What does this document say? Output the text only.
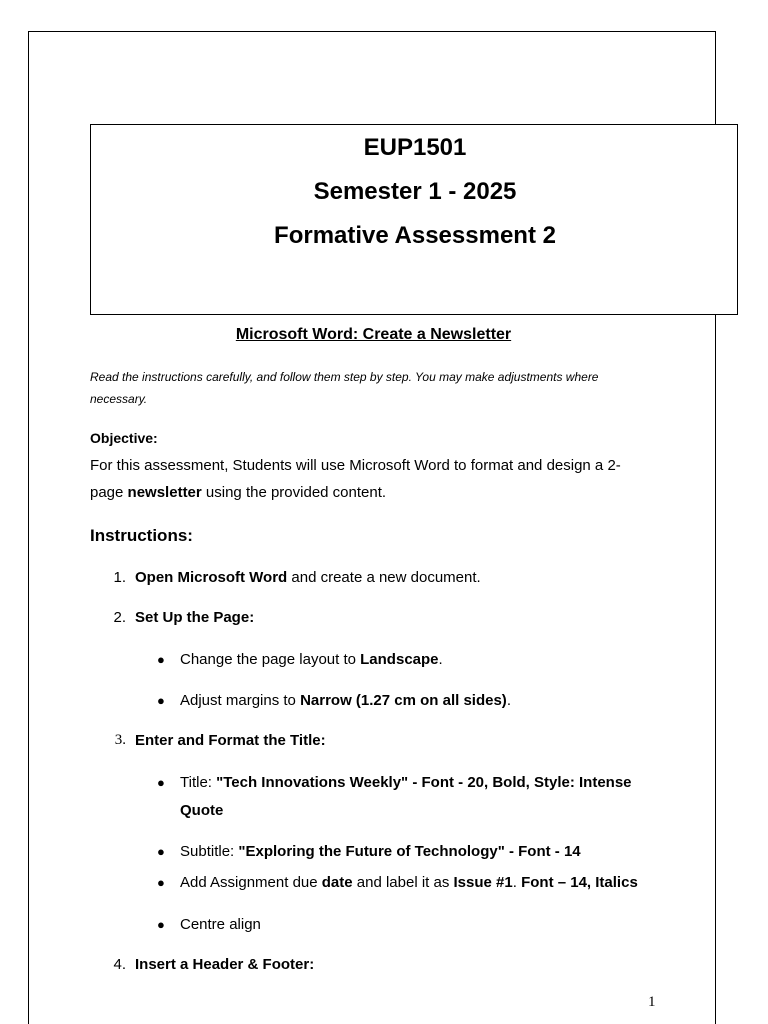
EUP1501
Semester 1 - 2025
Formative Assessment 2
Microsoft Word: Create a Newsletter
Read the instructions carefully, and follow them step by step. You may make adjustments where
necessary.
Objective:
For this assessment, Students will use Microsoft Word to format and design a 2-
page newsletter using the provided content.
Instructions:
1. Open Microsoft Word and create a new document.
2. Set Up the Page:
● Change the page layout to Landscape.
● Adjust margins to Narrow (1.27 cm on all sides).
3. Enter and Format the Title:
● Title: "Tech Innovations Weekly" - Font - 20, Bold, Style: Intense
Quote
● Subtitle: "Exploring the Future of Technology" - Font - 14
● Add Assignment due date and label it as Issue #1. Font – 14, Italics
● Centre align
4. Insert a Header & Footer:
1
